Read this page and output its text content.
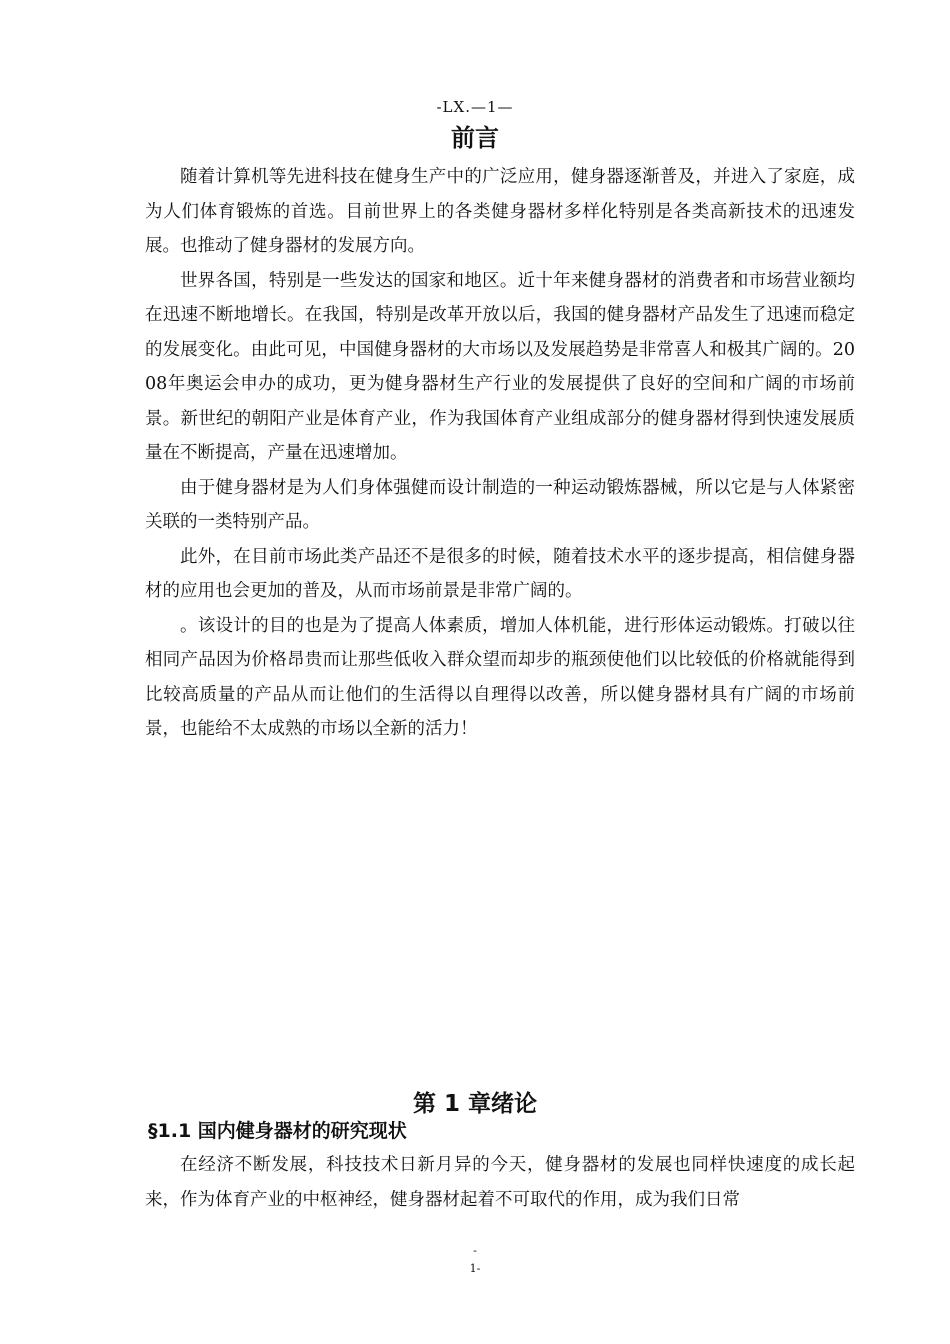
-LX.—1—
前言

随着计算机等先进科技在健身生产中的广泛应用，健身器逐渐普及，并进入了家庭，成为人们体育锻炼的首选。目前世界上的各类健身器材多样化特别是各类高新技术的迅速发展。也推动了健身器材的发展方向。

世界各国，特别是一些发达的国家和地区。近十年来健身器材的消费者和市场营业额均在迅速不断地增长。在我国，特别是改革开放以后，我国的健身器材产品发生了迅速而稳定的发展变化。由此可见，中国健身器材的大市场以及发展趋势是非常喜人和极其广阔的。2008年奥运会申办的成功，更为健身器材生产行业的发展提供了良好的空间和广阔的市场前景。新世纪的朝阳产业是体育产业，作为我国体育产业组成部分的健身器材得到快速发展质量在不断提高，产量在迅速增加。

由于健身器材是为人们身体强健而设计制造的一种运动锻炼器械，所以它是与人体紧密关联的一类特别产品。

此外，在目前市场此类产品还不是很多的时候，随着技术水平的逐步提高，相信健身器材的应用也会更加的普及，从而市场前景是非常广阔的。

。该设计的目的也是为了提高人体素质，增加人体机能，进行形体运动锻炼。打破以往相同产品因为价格昂贵而让那些低收入群众望而却步的瓶颈使他们以比较低的价格就能得到比较高质量的产品从而让他们的生活得以自理得以改善，所以健身器材具有广阔的市场前景，也能给不太成熟的市场以全新的活力！

第 1 章绪论
§1.1 国内健身器材的研究现状

在经济不断发展，科技技术日新月异的今天，健身器材的发展也同样快速度的成长起来，作为体育产业的中枢神经，健身器材起着不可取代的作用，成为我们日常

-
1-
